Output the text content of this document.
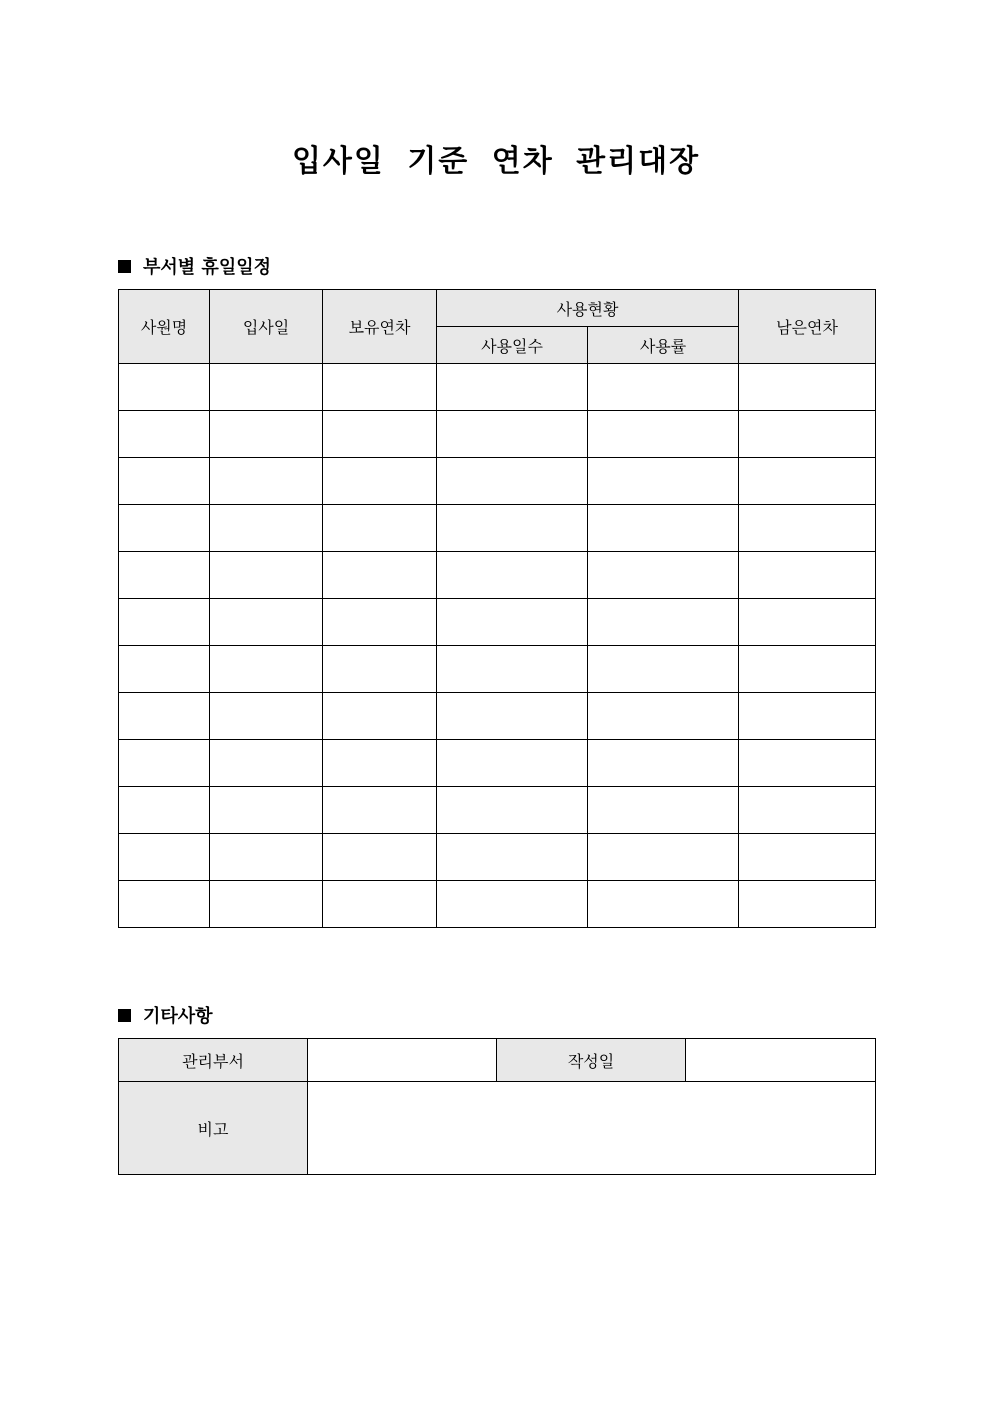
입사일 기준 연차 관리대장
부서별 휴일일정
사원명	입사일	보유연차	사용현황		남은연차
			사용일수	사용률	

기타사항
관리부서		작성일	
비고			
